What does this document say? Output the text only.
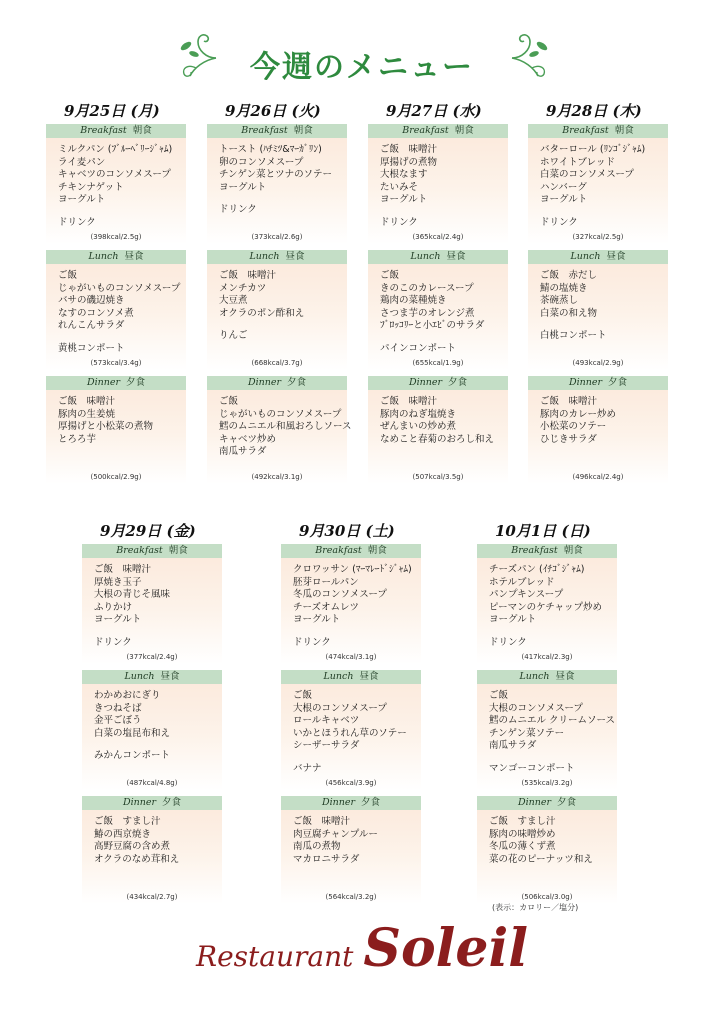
今週のメニュー
9月25日 (月)
Breakfast 朝食
ミルクパン (ﾌﾞﾙｰﾍﾞﾘｰｼﾞｬﾑ)
ライ麦パン
キャベツのコンソメスープ
チキンナゲット
ヨーグルト
ドリンク
(398kcal/2.5g)
Lunch 昼食
ご飯
じゃがいものコンソメスープ
バサの磯辺焼き
なすのコンソメ煮
れんこんサラダ
黄桃コンポート
(573kcal/3.4g)
Dinner 夕食
ご飯　味噌汁
豚肉の生姜焼
厚揚げと小松菜の煮物
とろろ芋
(500kcal/2.9g)
9月26日 (火)
Breakfast 朝食
トースト (ﾊﾁﾐﾂ&ﾏｰｶﾞﾘﾝ)
卵のコンソメスープ
チンゲン菜とツナのソテー
ヨーグルト
ドリンク
(373kcal/2.6g)
Lunch 昼食
ご飯　味噌汁
メンチカツ
大豆煮
オクラのポン酢和え
りんご
(668kcal/3.7g)
Dinner 夕食
ご飯
じゃがいものコンソメスープ
鱈のムニエル和風おろしソース
キャベツ炒め
南瓜サラダ
(492kcal/3.1g)
9月27日 (水)
Breakfast 朝食
ご飯　味噌汁
厚揚げの煮物
大根なます
たいみそ
ヨーグルト
ドリンク
(365kcal/2.4g)
Lunch 昼食
ご飯
きのこのカレースープ
鶏肉の菜種焼き
さつま芋のオレンジ煮
ﾌﾞﾛｯｺﾘｰと小ｴﾋﾞのサラダ
パインコンポート
(655kcal/1.9g)
Dinner 夕食
ご飯　味噌汁
豚肉のねぎ塩焼き
ぜんまいの炒め煮
なめこと春菊のおろし和え
(507kcal/3.5g)
9月28日 (木)
Breakfast 朝食
バターロール (ﾘﾝｺﾞｼﾞｬﾑ)
ホワイトブレッド
白菜のコンソメスープ
ハンバーグ
ヨーグルト
ドリンク
(327kcal/2.5g)
Lunch 昼食
ご飯　赤だし
鯖の塩焼き
茶碗蒸し
白菜の和え物
白桃コンポート
(493kcal/2.9g)
Dinner 夕食
ご飯　味噌汁
豚肉のカレー炒め
小松菜のソテー
ひじきサラダ
(496kcal/2.4g)
9月29日 (金)
Breakfast 朝食
ご飯　味噌汁
厚焼き玉子
大根の青じそ風味
ふりかけ
ヨーグルト
ドリンク
(377kcal/2.4g)
Lunch 昼食
わかめおにぎり
きつねそば
金平ごぼう
白菜の塩昆布和え
みかんコンポート
(487kcal/4.8g)
Dinner 夕食
ご飯　すまし汁
鰆の西京焼き
高野豆腐の含め煮
オクラのなめ茸和え
(434kcal/2.7g)
9月30日 (土)
Breakfast 朝食
クロワッサン (ﾏｰﾏﾚｰﾄﾞｼﾞｬﾑ)
胚芽ロールパン
冬瓜のコンソメスープ
チーズオムレツ
ヨーグルト
ドリンク
(474kcal/3.1g)
Lunch 昼食
ご飯
大根のコンソメスープ
ロールキャベツ
いかとほうれん草のソテー
シーザーサラダ
バナナ
(456kcal/3.9g)
Dinner 夕食
ご飯　味噌汁
肉豆腐チャンプルー
南瓜の煮物
マカロニサラダ
(564kcal/3.2g)
10月1日 (日)
Breakfast 朝食
チーズパン (ｲﾁｺﾞｼﾞｬﾑ)
ホテルブレッド
パンプキンスープ
ピーマンのケチャップ炒め
ヨーグルト
ドリンク
(417kcal/2.3g)
Lunch 昼食
ご飯
大根のコンソメスープ
鱈のムニエル クリームソース
チンゲン菜ソテー
南瓜サラダ
マンゴーコンポート
(535kcal/3.2g)
Dinner 夕食
ご飯　すまし汁
豚肉の味噌炒め
冬瓜の薄くず煮
菜の花のピーナッツ和え
(506kcal/3.0g)
(表示：カロリー／塩分)
Restaurant Soleil
